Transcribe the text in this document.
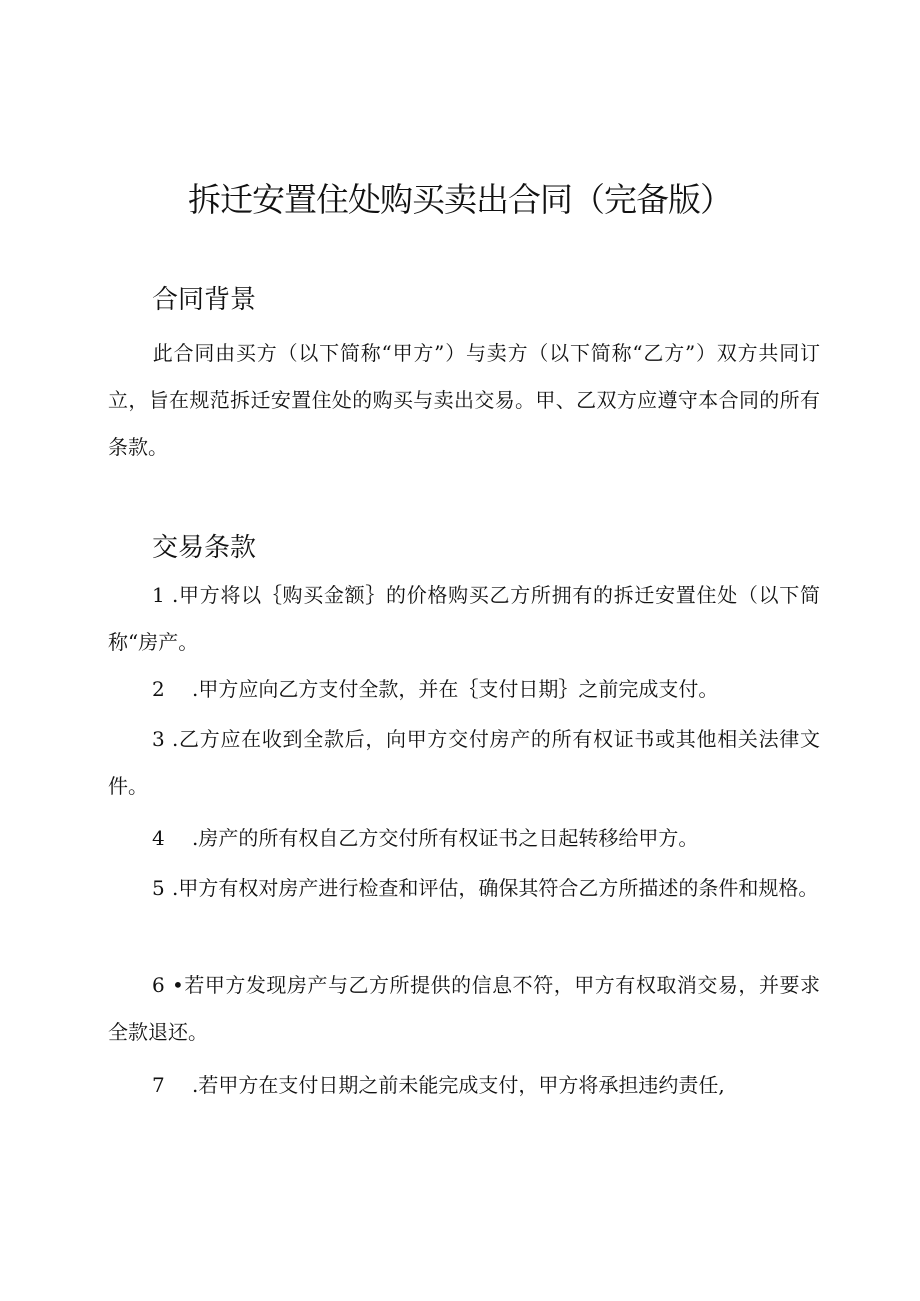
拆迁安置住处购买卖出合同（完备版）
合同背景

此合同由买方（以下简称“甲方”）与卖方（以下简称“乙方”）双方共同订立，旨在规范拆迁安置住处的购买与卖出交易。甲、乙双方应遵守本合同的所有条款。

交易条款

1 .甲方将以｛购买金额｝的价格购买乙方所拥有的拆迁安置住处（以下简称“房产。

2 .甲方应向乙方支付全款，并在｛支付日期｝之前完成支付。

3 .乙方应在收到全款后，向甲方交付房产的所有权证书或其他相关法律文件。

4 .房产的所有权自乙方交付所有权证书之日起转移给甲方。

5 .甲方有权对房产进行检查和评估，确保其符合乙方所描述的条件和规格。

6 •若甲方发现房产与乙方所提供的信息不符，甲方有权取消交易，并要求全款退还。

7 .若甲方在支付日期之前未能完成支付，甲方将承担违约责任,
